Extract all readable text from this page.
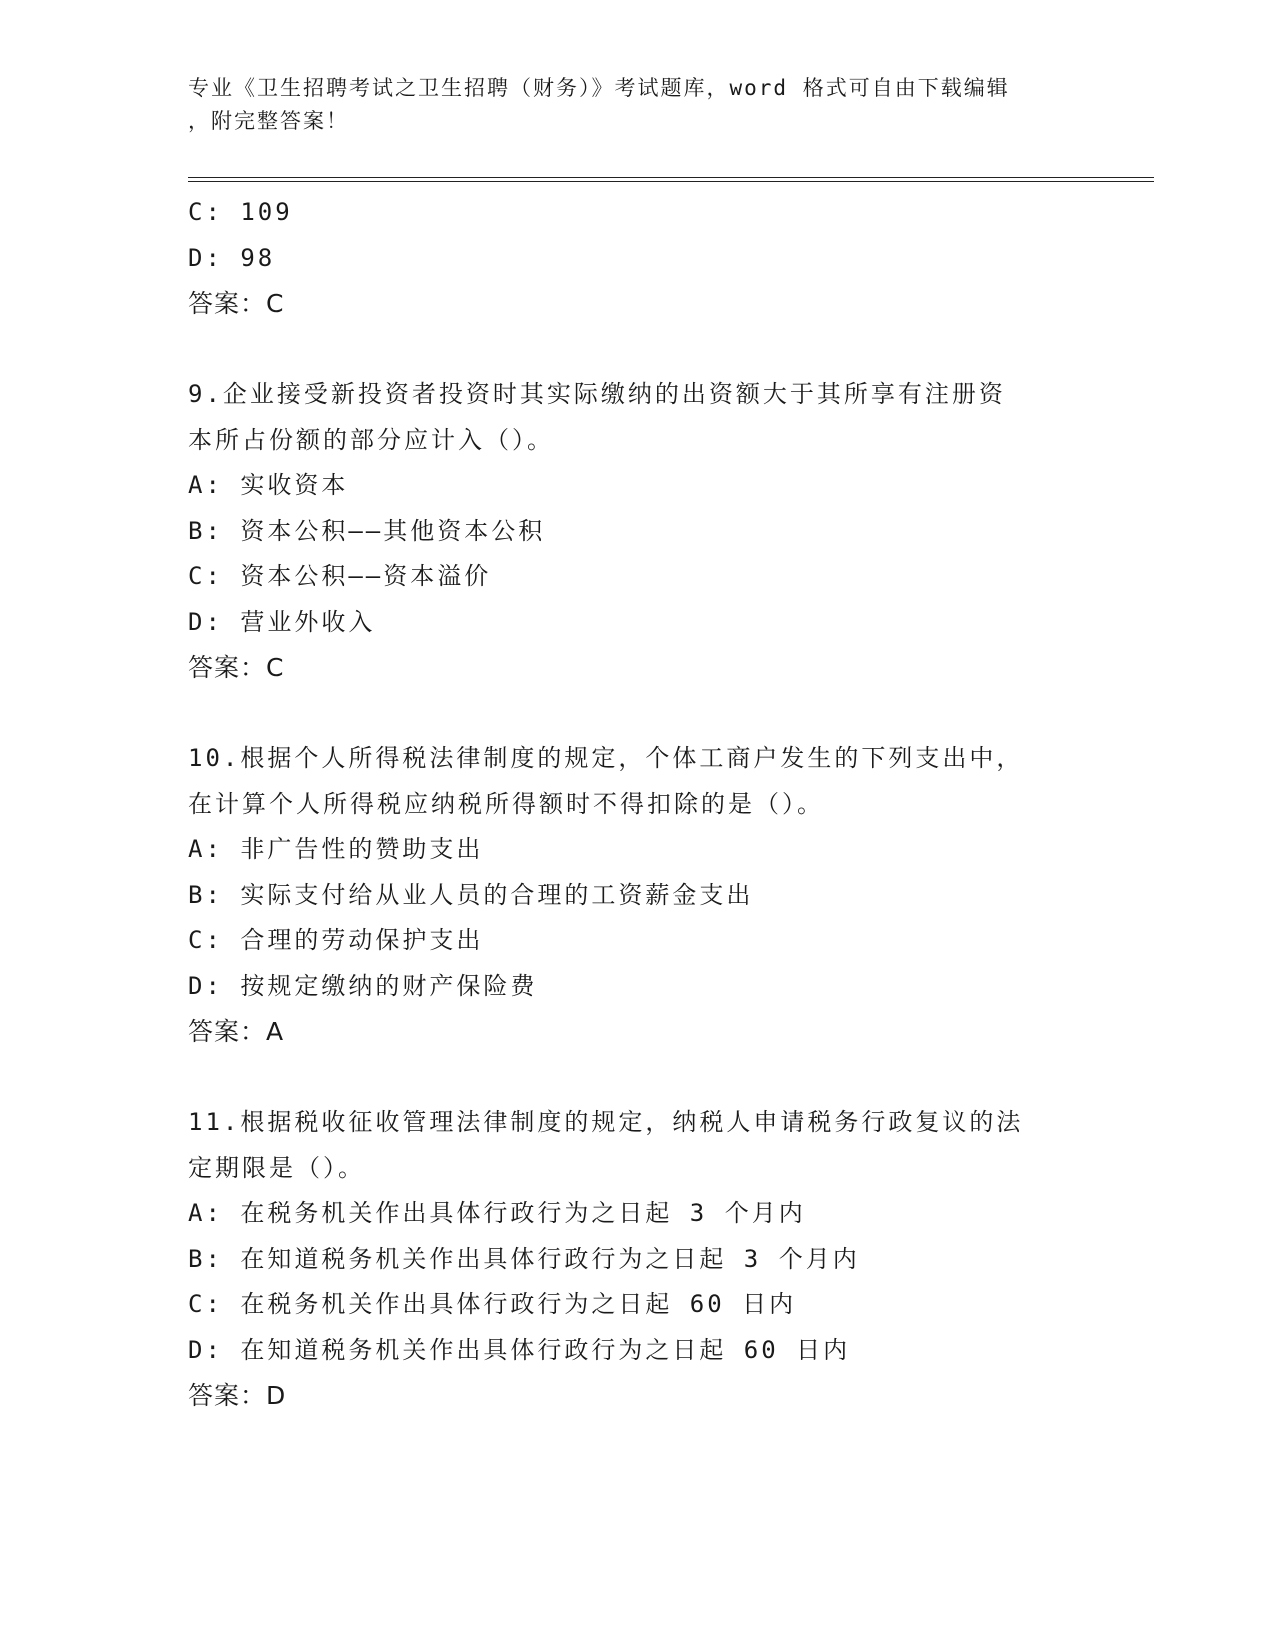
专业《卫生招聘考试之卫生招聘（财务）》考试题库，word 格式可自由下载编辑
，附完整答案！
C: 109
D: 98
答案：C
9.企业接受新投资者投资时其实际缴纳的出资额大于其所享有注册资
本所占份额的部分应计入（）。
A: 实收资本
B: 资本公积——其他资本公积
C: 资本公积——资本溢价
D: 营业外收入
答案：C
10.根据个人所得税法律制度的规定，个体工商户发生的下列支出中，
在计算个人所得税应纳税所得额时不得扣除的是（）。
A: 非广告性的赞助支出
B: 实际支付给从业人员的合理的工资薪金支出
C: 合理的劳动保护支出
D: 按规定缴纳的财产保险费
答案：A
11.根据税收征收管理法律制度的规定，纳税人申请税务行政复议的法
定期限是（）。
A: 在税务机关作出具体行政行为之日起 3 个月内
B: 在知道税务机关作出具体行政行为之日起 3 个月内
C: 在税务机关作出具体行政行为之日起 60 日内
D: 在知道税务机关作出具体行政行为之日起 60 日内
答案：D
